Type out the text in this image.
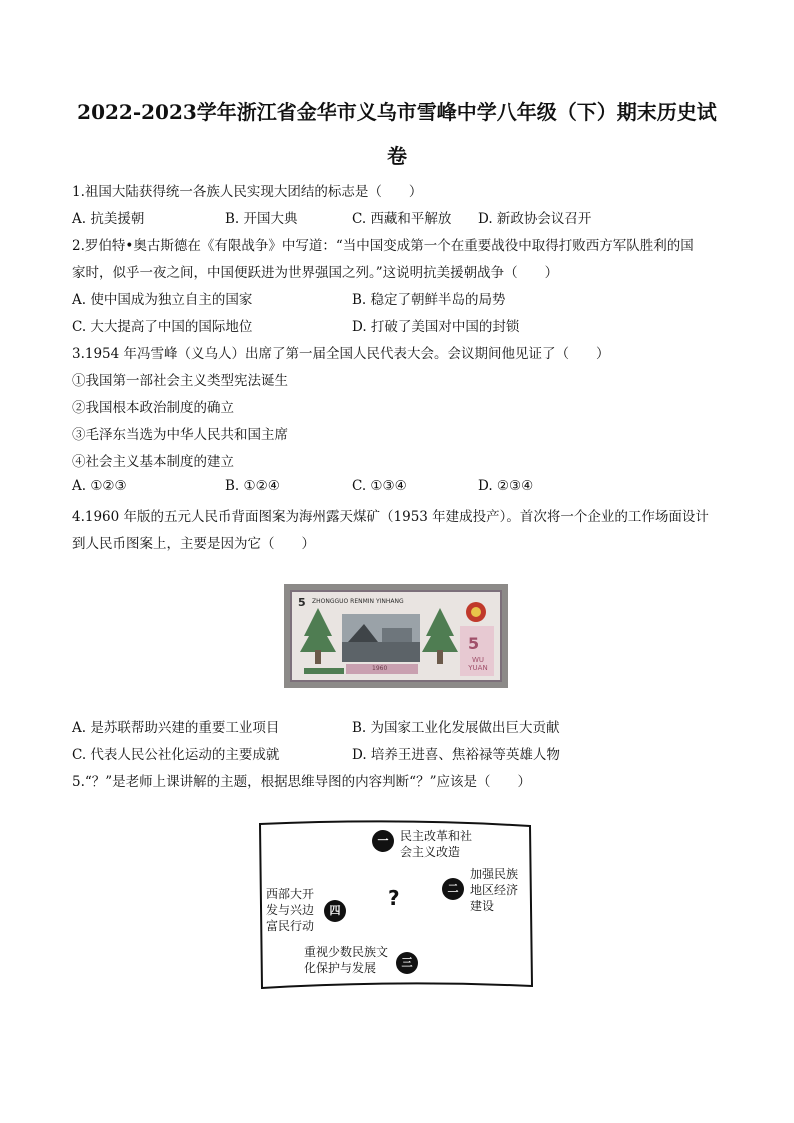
2022-2023学年浙江省金华市义乌市雪峰中学八年级（下）期末历史试
卷
1.祖国大陆获得统一各族人民实现大团结的标志是（　　）
A. 抗美援朝	B. 开国大典	C. 西藏和平解放 D. 新政协会议召开
2.罗伯特•奥古斯德在《有限战争》中写道：“当中国变成第一个在重要战役中取得打败西方军队胜利的国
家时，似乎一夜之间，中国便跃进为世界强国之列。”这说明抗美援朝战争（　　）
A. 使中国成为独立自主的国家	B. 稳定了朝鲜半岛的局势
C. 大大提高了中国的国际地位	D. 打破了美国对中国的封锁
3.1954 年冯雪峰（义乌人）出席了第一届全国人民代表大会。会议期间他见证了（　　）
①我国第一部社会主义类型宪法诞生
②我国根本政治制度的确立
③毛泽东当选为中华人民共和国主席
④社会主义基本制度的建立
A. ①②③	B. ①②④	C. ①③④	D. ②③④
4.1960 年版的五元人民币背面图案为海州露天煤矿（1953 年建成投产）。首次将一个企业的工作场面设计
到人民币图案上，主要是因为它（　　）
5 ZHONGGUO RENMIN YINHANG
5
WU YUAN
1960
A. 是苏联帮助兴建的重要工业项目	B. 为国家工业化发展做出巨大贡献
C. 代表人民公社化运动的主要成就	D. 培养王进喜、焦裕禄等英雄人物
5.“？”是老师上课讲解的主题，根据思维导图的内容判断“？”应该是（　　）
?
一 民主改革和社
会主义改造
二
加强民族
地区经济
建设
三
重视少数民族文
化保护与发展
四
西部大开
发与兴边
富民行动
